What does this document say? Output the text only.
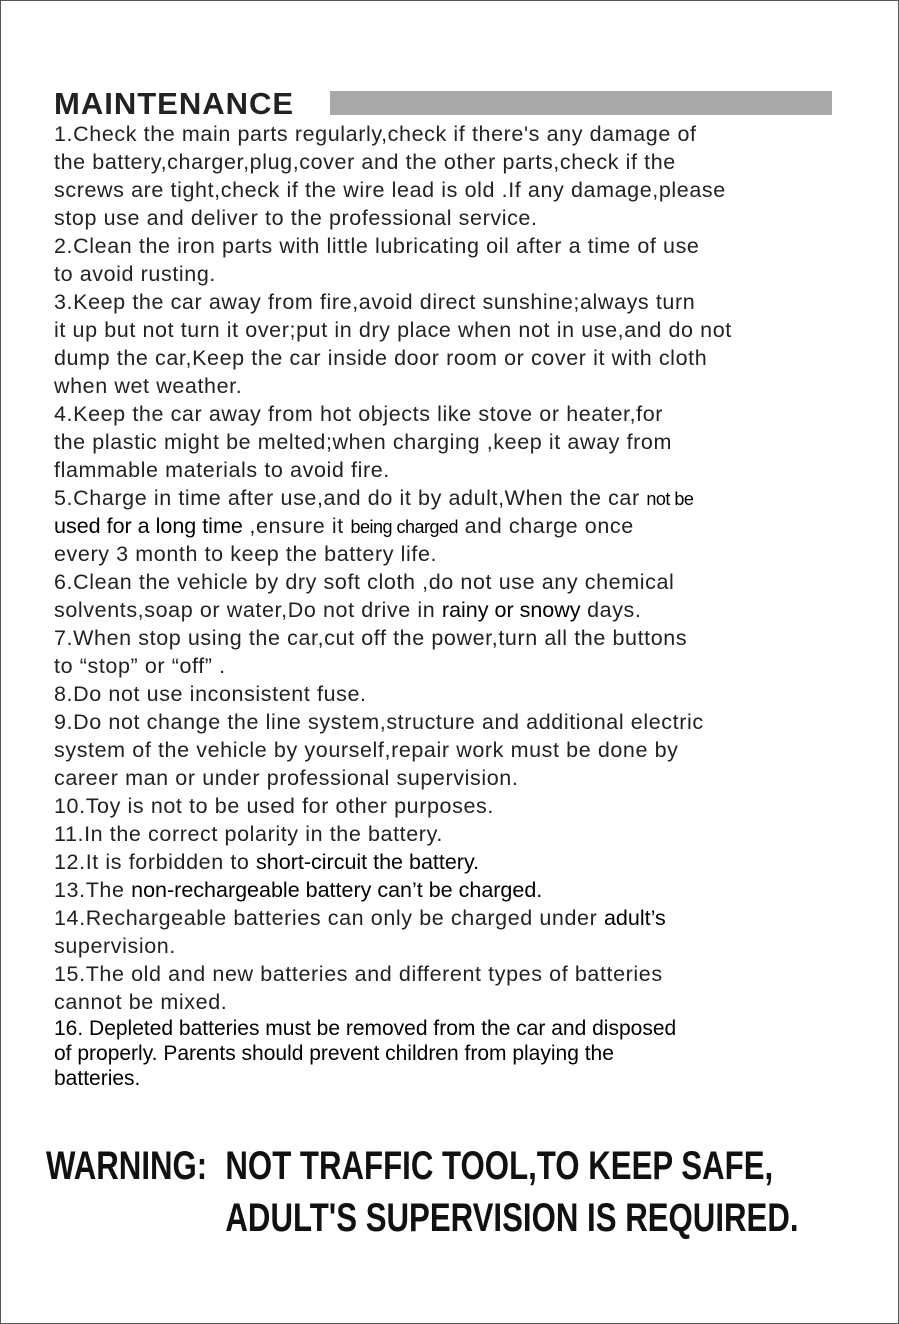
MAINTENANCE
1.Check the main parts regularly,check if there's any damage of
the battery,charger,plug,cover and the other parts,check if the
screws are tight,check if the wire lead is old .If any damage,please
stop use and deliver to the professional service.
2.Clean the iron parts with little lubricating oil after a time of use
to avoid rusting.
3.Keep the car away from fire,avoid direct sunshine;always turn
it up but not turn it over;put in dry place when not in use,and do not
dump the car,Keep the car inside door room or cover it with cloth
when wet weather.
4.Keep the car away from hot objects like stove or heater,for
the plastic might be melted;when charging ,keep it away from
flammable materials to avoid fire.
5.Charge in time after use,and do it by adult,When the car not be
used for a long time ,ensure it being charged and charge once
every 3 month to keep the battery life.
6.Clean the vehicle by dry soft cloth ,do not use any chemical
solvents,soap or water,Do not drive in rainy or snowy days.
7.When stop using the car,cut off the power,turn all the buttons
to “stop” or “off” .
8.Do not use inconsistent fuse.
9.Do not change the line system,structure and additional electric
system of the vehicle by yourself,repair work must be done by
career man or under professional supervision.
10.Toy is not to be used for other purposes.
11.In the correct polarity in the battery.
12.It is forbidden to short-circuit the battery.
13.The non-rechargeable battery can’t be charged.
14.Rechargeable batteries can only be charged under adult’s
supervision.
15.The old and new batteries and different types of batteries
cannot be mixed.
16. Depleted batteries must be removed from the car and disposed
of properly. Parents should prevent children from playing the
batteries.
WARNING: NOT TRAFFIC TOOL,TO KEEP SAFE,
ADULT'S SUPERVISION IS REQUIRED.
